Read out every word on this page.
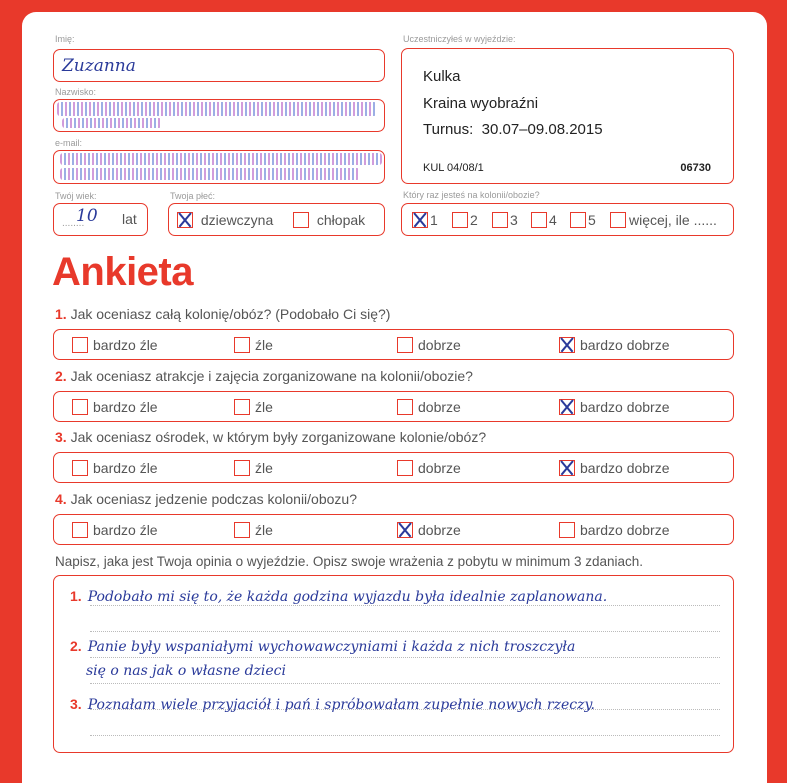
Imię:
Zuzanna
Nazwisko:
e-mail:
Twój wiek:
........
10 lat
Twoja płeć:
dziewczyna	chłopak
Uczestniczyłeś w wyjeździe:
Kulka
Kraina wyobraźni
Turnus:  30.07–09.08.2015
KUL 04/08/1	06730
Który raz jesteś na kolonii/obozie?
1	2	3	4	5	więcej, ile ......
Ankieta
1. Jak oceniasz całą kolonię/obóz? (Podobało Ci się?)
bardzo źle	źle	dobrze	bardzo dobrze
2. Jak oceniasz atrakcje i zajęcia zorganizowane na kolonii/obozie?
bardzo źle	źle	dobrze	bardzo dobrze
3. Jak oceniasz ośrodek, w którym były zorganizowane kolonie/obóz?
bardzo źle	źle	dobrze	bardzo dobrze
4. Jak oceniasz jedzenie podczas kolonii/obozu?
bardzo źle	źle	dobrze	bardzo dobrze
Napisz, jaka jest Twoja opinia o wyjeździe. Opisz swoje wrażenia z pobytu w minimum 3 zdaniach.
1. Podobało mi się to, że każda godzina wyjazdu była idealnie zaplanowana.
2. Panie były wspaniałymi wychowawczyniami i każda z nich troszczyła
się o nas jak o własne dzieci
3. Poznałam wiele przyjaciół i pań i spróbowałam zupełnie nowych rzeczy.
